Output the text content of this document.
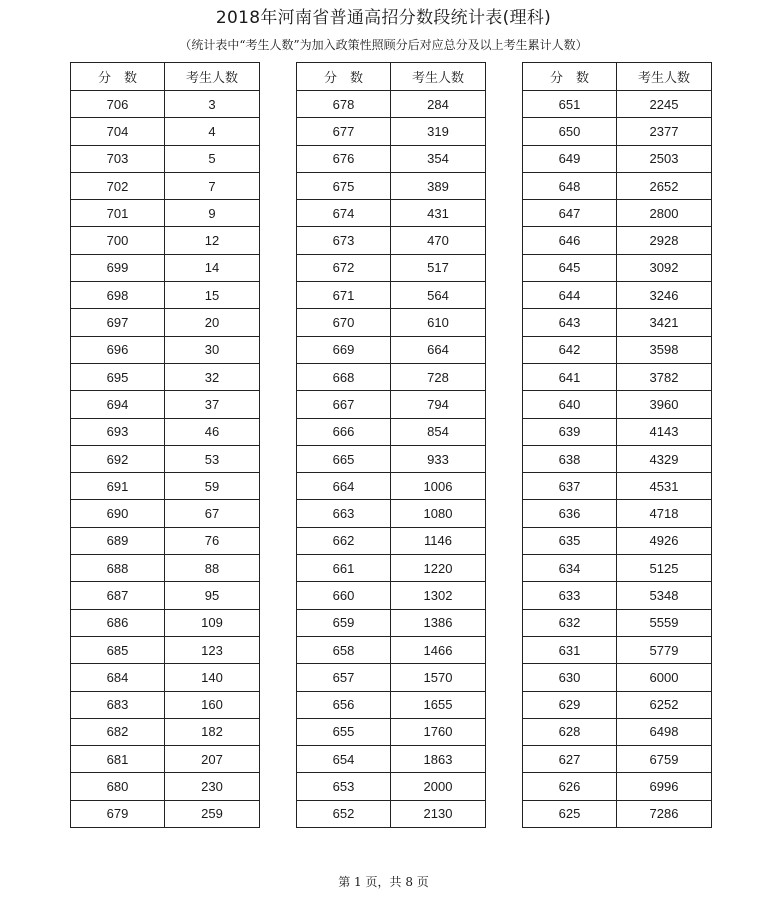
2018年河南省普通高招分数段统计表(理科)
（统计表中“考生人数”为加入政策性照顾分后对应总分及以上考生累计人数）
分　数	考生人数
706	3
704	4
703	5
702	7
701	9
700	12
699	14
698	15
697	20
696	30
695	32
694	37
693	46
692	53
691	59
690	67
689	76
688	88
687	95
686	109
685	123
684	140
683	160
682	182
681	207
680	230
679	259
分　数	考生人数
678	284
677	319
676	354
675	389
674	431
673	470
672	517
671	564
670	610
669	664
668	728
667	794
666	854
665	933
664	1006
663	1080
662	1146
661	1220
660	1302
659	1386
658	1466
657	1570
656	1655
655	1760
654	1863
653	2000
652	2130
分　数	考生人数
651	2245
650	2377
649	2503
648	2652
647	2800
646	2928
645	3092
644	3246
643	3421
642	3598
641	3782
640	3960
639	4143
638	4329
637	4531
636	4718
635	4926
634	5125
633	5348
632	5559
631	5779
630	6000
629	6252
628	6498
627	6759
626	6996
625	7286
第 1 页，共 8 页
